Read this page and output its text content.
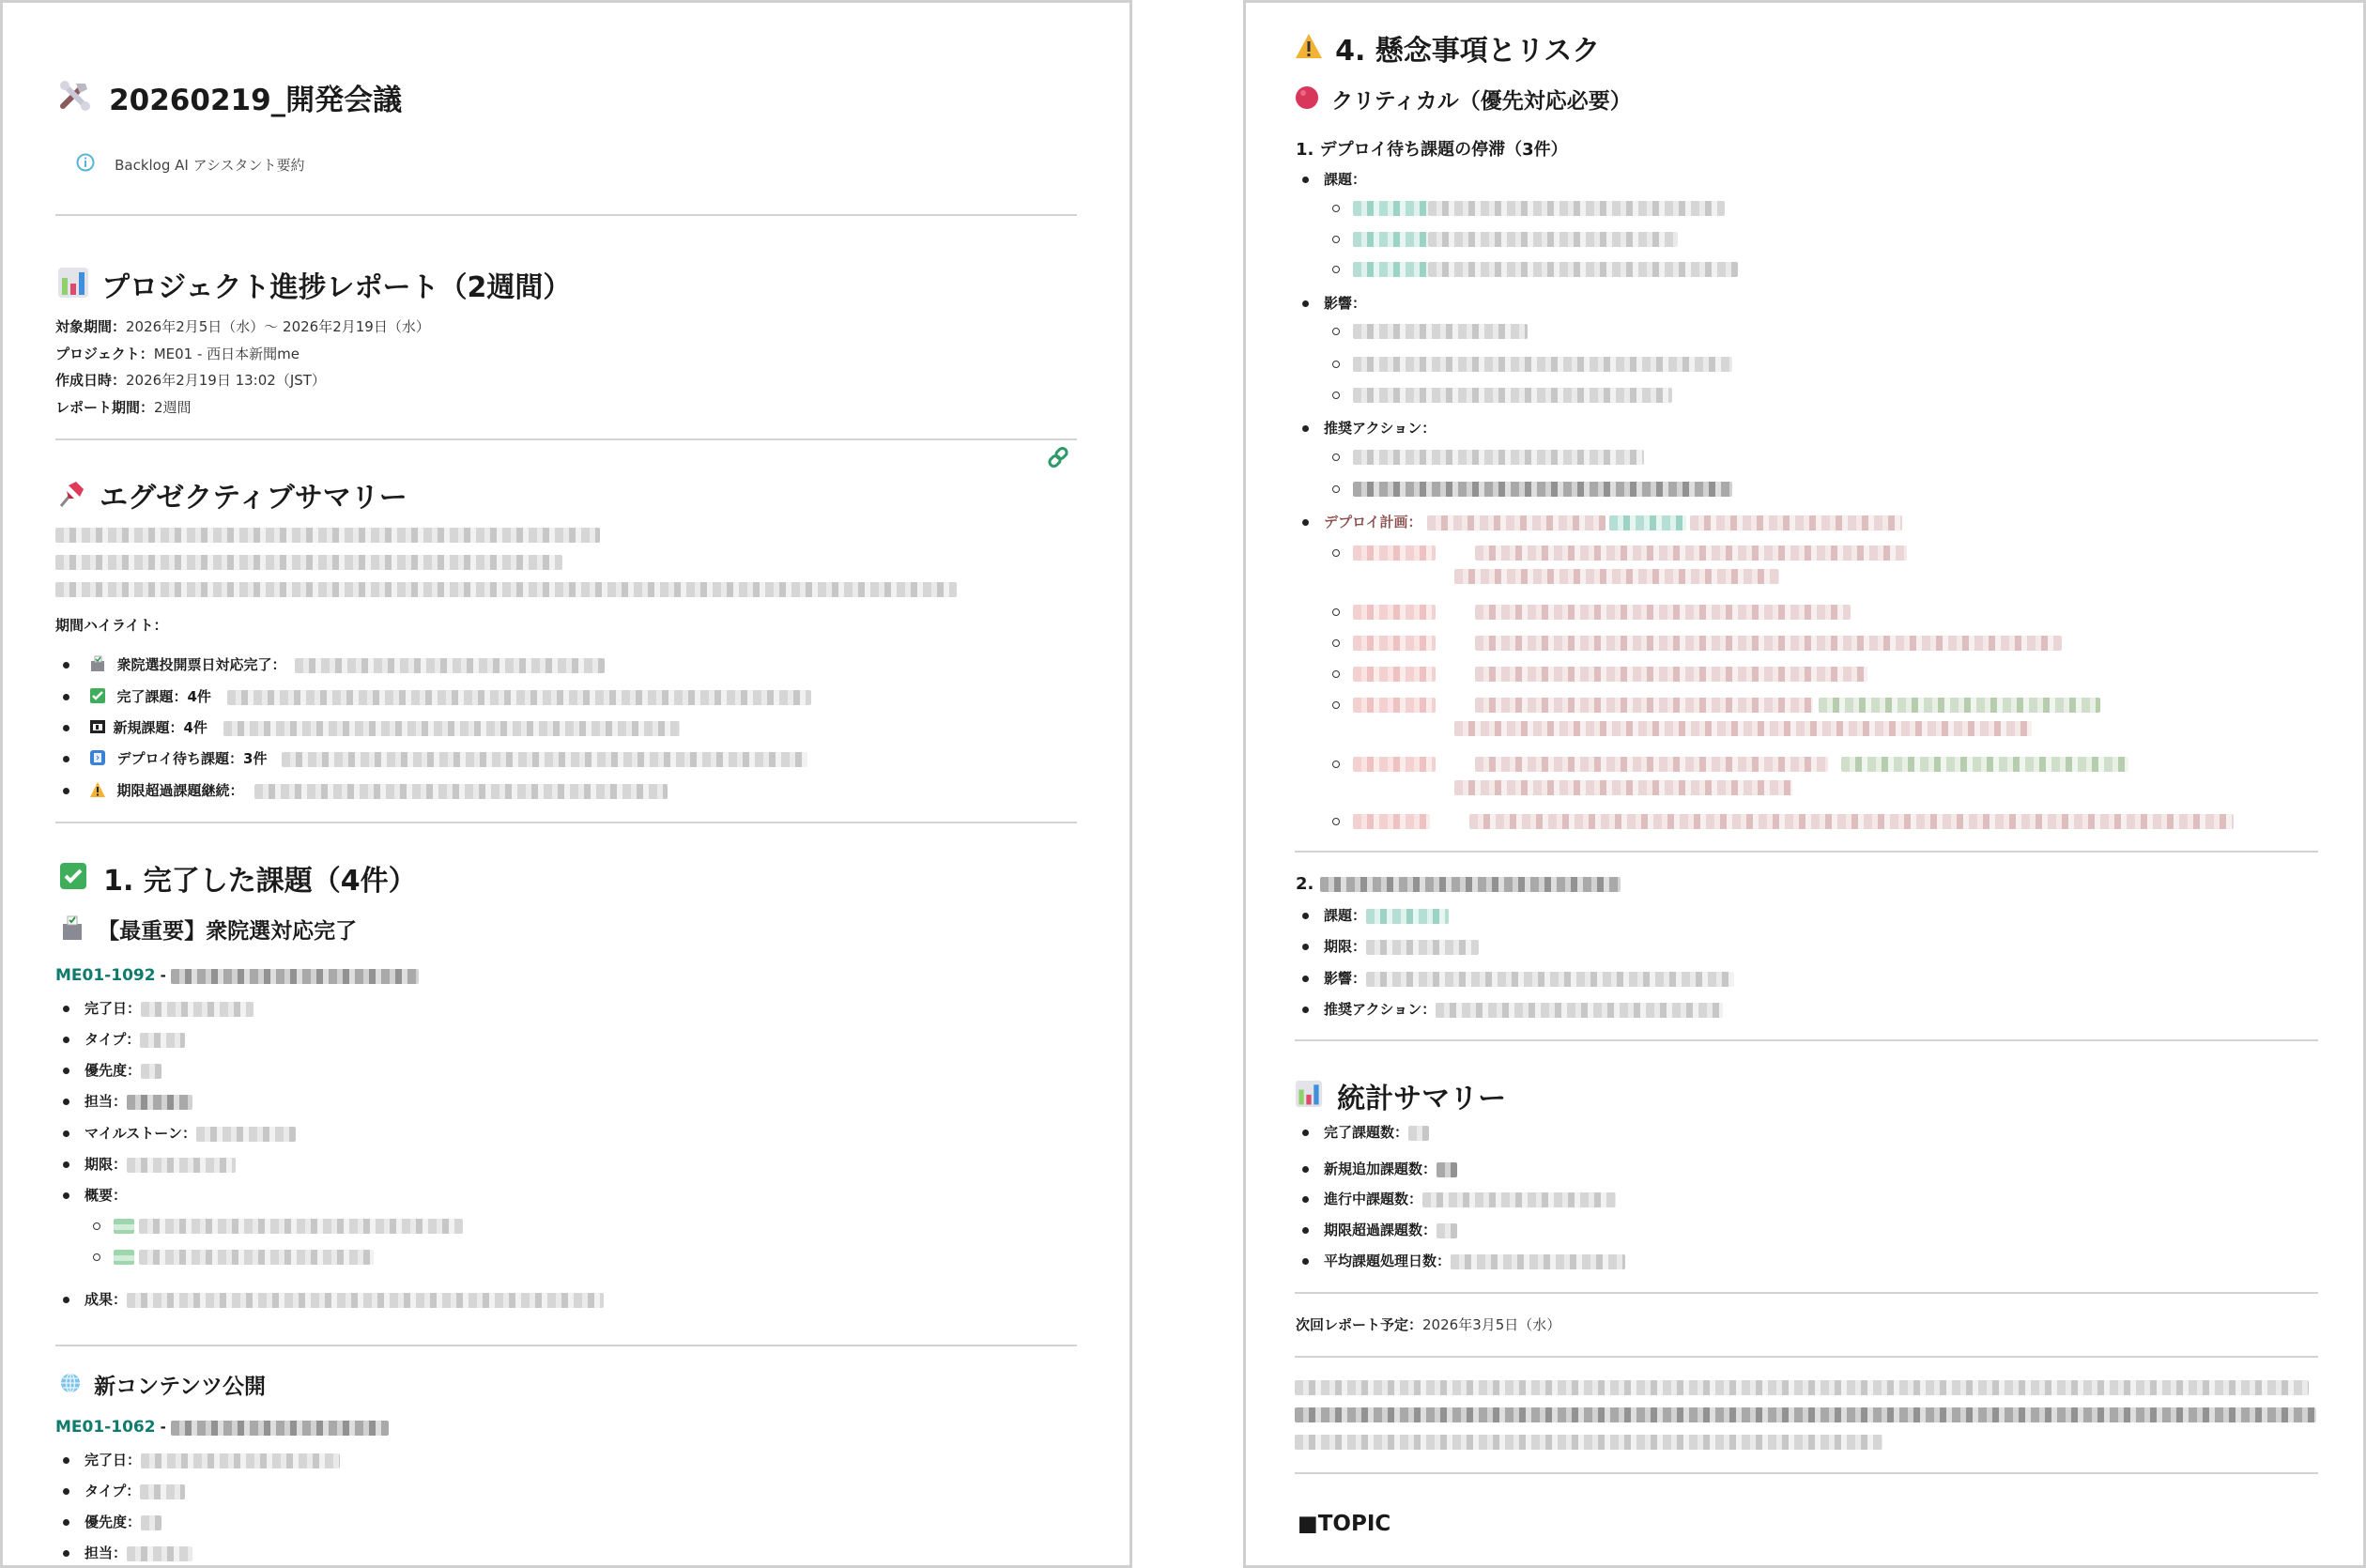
20260219_開発会議
Backlog AI アシスタント要約
プロジェクト進捗レポート（2週間）
対象期間：2026年2月5日（水）～ 2026年2月19日（水）
プロジェクト：ME01 - 西日本新聞me
作成日時：2026年2月19日 13:02（JST）
レポート期間：2週間
エグゼクティブサマリー
期間ハイライト：
衆院選投開票日対応完了：
完了課題：4件
新規課題：4件
デプロイ待ち課題：3件
期限超過課題継続：
1. 完了した課題（4件）
【最重要】衆院選対応完了
ME01-1092 -
完了日：
タイプ：
優先度：
担当：
マイルストーン：
期限：
概要：

成果：
新コンテンツ公開
ME01-1062 -
完了日：
タイプ：
優先度：
担当：
4. 懸念事項とリスク
クリティカル（優先対応必要）
1. デプロイ待ち課題の停滞（3件）
課題：
影響：
推奨アクション：
デプロイ計画：
2.
課題：
期限：
影響：
推奨アクション：
統計サマリー
完了課題数：
新規追加課題数：
進行中課題数：
期限超過課題数：
平均課題処理日数：
次回レポート予定：2026年3月5日（水）
■TOPIC
